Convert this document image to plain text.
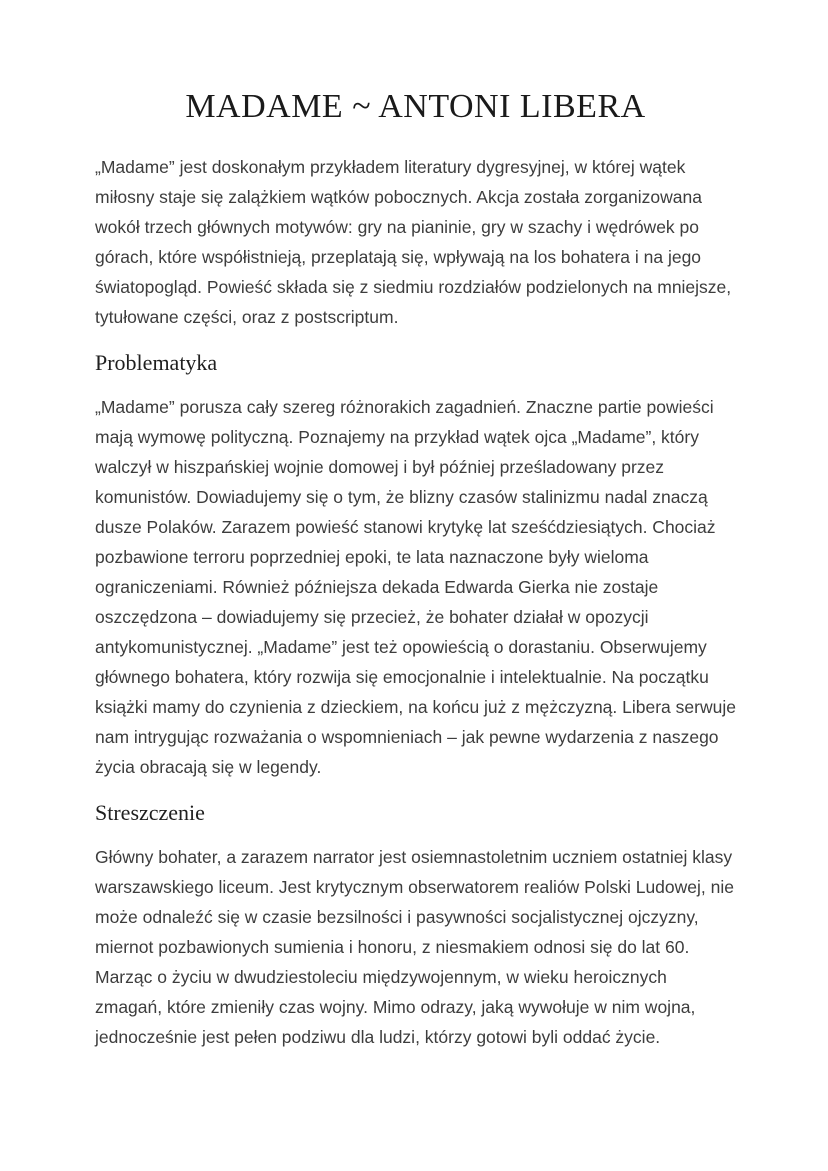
MADAME ~ ANTONI LIBERA

„Madame” jest doskonałym przykładem literatury dygresyjnej, w której wątek miłosny staje się zalążkiem wątków pobocznych. Akcja została zorganizowana wokół trzech głównych motywów: gry na pianinie, gry w szachy i wędrówek po górach, które współistnieją, przeplatają się, wpływają na los bohatera i na jego światopogląd. Powieść składa się z siedmiu rozdziałów podzielonych na mniejsze, tytułowane części, oraz z postscriptum.

Problematyka

„Madame” porusza cały szereg różnorakich zagadnień. Znaczne partie powieści mają wymowę polityczną. Poznajemy na przykład wątek ojca „Madame”, który walczył w hiszpańskiej wojnie domowej i był później prześladowany przez komunistów. Dowiadujemy się o tym, że blizny czasów stalinizmu nadal znaczą dusze Polaków. Zarazem powieść stanowi krytykę lat sześćdziesiątych. Chociaż pozbawione terroru poprzedniej epoki, te lata naznaczone były wieloma ograniczeniami. Również późniejsza dekada Edwarda Gierka nie zostaje oszczędzona – dowiadujemy się przecież, że bohater działał w opozycji antykomunistycznej. „Madame” jest też opowieścią o dorastaniu. Obserwujemy głównego bohatera, który rozwija się emocjonalnie i intelektualnie. Na początku książki mamy do czynienia z dzieckiem, na końcu już z mężczyzną. Libera serwuje nam intrygując rozważania o wspomnieniach – jak pewne wydarzenia z naszego życia obracają się w legendy.

Streszczenie

Główny bohater, a zarazem narrator jest osiemnastoletnim uczniem ostatniej klasy warszawskiego liceum. Jest krytycznym obserwatorem realiów Polski Ludowej, nie może odnaleźć się w czasie bezsilności i pasywności socjalistycznej ojczyzny, miernot pozbawionych sumienia i honoru, z niesmakiem odnosi się do lat 60. Marząc o życiu w dwudziestoleciu międzywojennym, w wieku heroicznych zmagań, które zmieniły czas wojny. Mimo odrazy, jaką wywołuje w nim wojna, jednocześnie jest pełen podziwu dla ludzi, którzy gotowi byli oddać życie.
